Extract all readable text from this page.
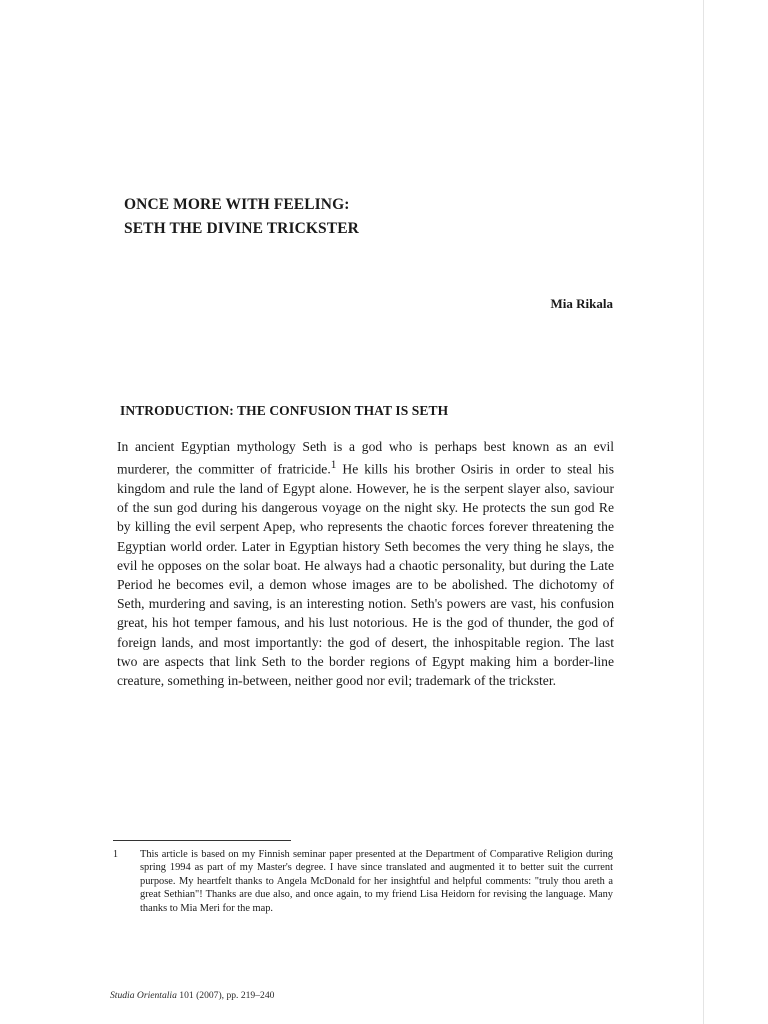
ONCE MORE WITH FEELING:
SETH THE DIVINE TRICKSTER

Mia Rikala

INTRODUCTION: THE CONFUSION THAT IS SETH

In ancient Egyptian mythology Seth is a god who is perhaps best known as an evil murderer, the committer of fratricide.$^1$ He kills his brother Osiris in order to steal his kingdom and rule the land of Egypt alone. However, he is the serpent slayer also, saviour of the sun god during his dangerous voyage on the night sky. He protects the sun god Re by killing the evil serpent Apep, who represents the chaotic forces forever threatening the Egyptian world order. Later in Egyptian history Seth becomes the very thing he slays, the evil he opposes on the solar boat. He always had a chaotic personality, but during the Late Period he becomes evil, a demon whose images are to be abolished. The dichotomy of Seth, murdering and saving, is an interesting notion. Seth's powers are vast, his confusion great, his hot temper famous, and his lust notorious. He is the god of thunder, the god of foreign lands, and most importantly: the god of desert, the inhospitable region. The last two are aspects that link Seth to the border regions of Egypt making him a border-line creature, something in-between, neither good nor evil; trademark of the trickster.

1 This article is based on my Finnish seminar paper presented at the Department of Comparative Religion during spring 1994 as part of my Master's degree. I have since translated and augmented it to better suit the current purpose. My heartfelt thanks to Angela McDonald for her insightful and helpful comments: "truly thou areth a great Sethian"! Thanks are due also, and once again, to my friend Lisa Heidorn for revising the language. Many thanks to Mia Meri for the map.

Studia Orientalia 101 (2007), pp. 219–240
